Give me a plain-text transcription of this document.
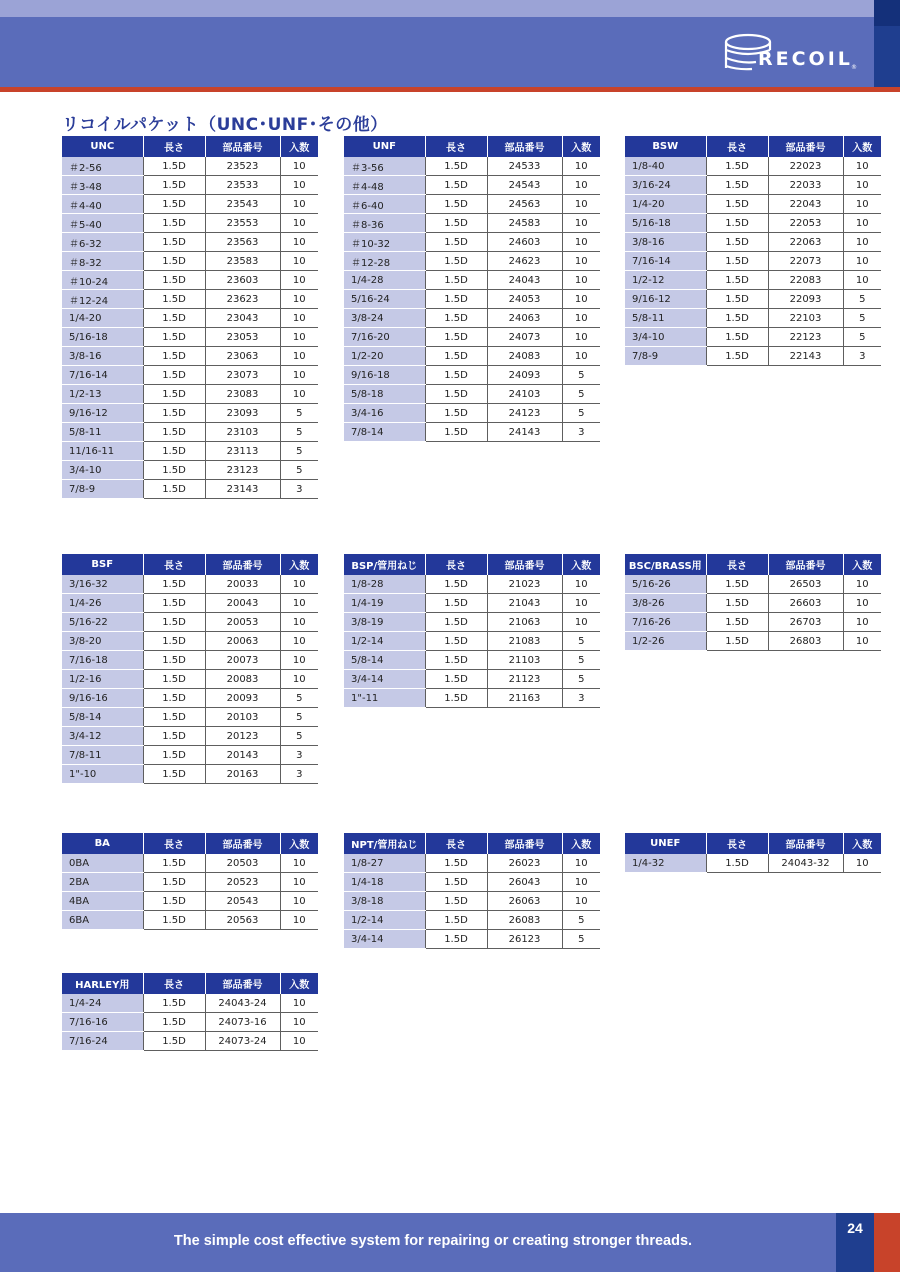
RECOIL
®
リコイルパケット（UNC･UNF･その他）
UNC	長さ	部品番号	入数
＃2-56	1.5D	23523	10
＃3-48	1.5D	23533	10
＃4-40	1.5D	23543	10
＃5-40	1.5D	23553	10
＃6-32	1.5D	23563	10
＃8-32	1.5D	23583	10
＃10-24	1.5D	23603	10
＃12-24	1.5D	23623	10
1/4-20	1.5D	23043	10
5/16-18	1.5D	23053	10
3/8-16	1.5D	23063	10
7/16-14	1.5D	23073	10
1/2-13	1.5D	23083	10
9/16-12	1.5D	23093	5
5/8-11	1.5D	23103	5
11/16-11	1.5D	23113	5
3/4-10	1.5D	23123	5
7/8-9	1.5D	23143	3
UNF	長さ	部品番号	入数
＃3-56	1.5D	24533	10
＃4-48	1.5D	24543	10
＃6-40	1.5D	24563	10
＃8-36	1.5D	24583	10
＃10-32	1.5D	24603	10
＃12-28	1.5D	24623	10
1/4-28	1.5D	24043	10
5/16-24	1.5D	24053	10
3/8-24	1.5D	24063	10
7/16-20	1.5D	24073	10
1/2-20	1.5D	24083	10
9/16-18	1.5D	24093	5
5/8-18	1.5D	24103	5
3/4-16	1.5D	24123	5
7/8-14	1.5D	24143	3
BSW	長さ	部品番号	入数
1/8-40	1.5D	22023	10
3/16-24	1.5D	22033	10
1/4-20	1.5D	22043	10
5/16-18	1.5D	22053	10
3/8-16	1.5D	22063	10
7/16-14	1.5D	22073	10
1/2-12	1.5D	22083	10
9/16-12	1.5D	22093	5
5/8-11	1.5D	22103	5
3/4-10	1.5D	22123	5
7/8-9	1.5D	22143	3
BSF	長さ	部品番号	入数
3/16-32	1.5D	20033	10
1/4-26	1.5D	20043	10
5/16-22	1.5D	20053	10
3/8-20	1.5D	20063	10
7/16-18	1.5D	20073	10
1/2-16	1.5D	20083	10
9/16-16	1.5D	20093	5
5/8-14	1.5D	20103	5
3/4-12	1.5D	20123	5
7/8-11	1.5D	20143	3
1"-10	1.5D	20163	3
BSP/管用ねじ	長さ	部品番号	入数
1/8-28	1.5D	21023	10
1/4-19	1.5D	21043	10
3/8-19	1.5D	21063	10
1/2-14	1.5D	21083	5
5/8-14	1.5D	21103	5
3/4-14	1.5D	21123	5
1"-11	1.5D	21163	3
BSC/BRASS用	長さ	部品番号	入数
5/16-26	1.5D	26503	10
3/8-26	1.5D	26603	10
7/16-26	1.5D	26703	10
1/2-26	1.5D	26803	10
BA	長さ	部品番号	入数
0BA	1.5D	20503	10
2BA	1.5D	20523	10
4BA	1.5D	20543	10
6BA	1.5D	20563	10
NPT/管用ねじ	長さ	部品番号	入数
1/8-27	1.5D	26023	10
1/4-18	1.5D	26043	10
3/8-18	1.5D	26063	10
1/2-14	1.5D	26083	5
3/4-14	1.5D	26123	5
UNEF	長さ	部品番号	入数
1/4-32	1.5D	24043-32	10
HARLEY用	長さ	部品番号	入数
1/4-24	1.5D	24043-24	10
7/16-16	1.5D	24073-16	10
7/16-24	1.5D	24073-24	10
The simple cost effective system for repairing or creating stronger threads.
24
